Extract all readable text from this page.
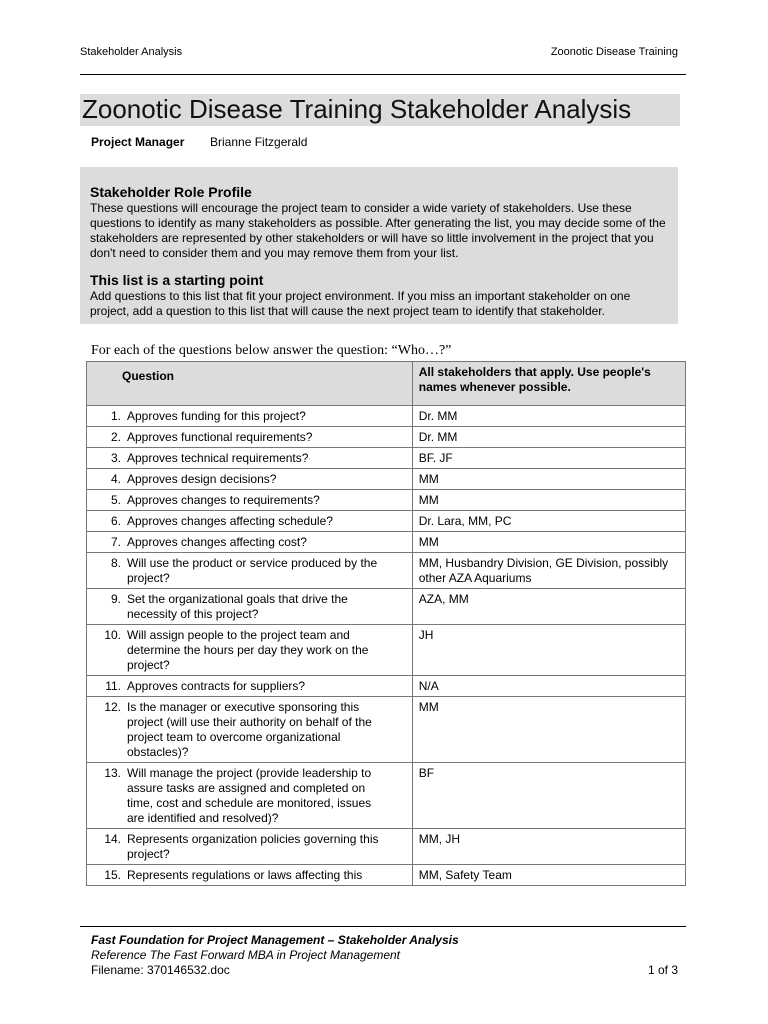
Stakeholder Analysis	Zoonotic Disease Training
Zoonotic Disease Training Stakeholder Analysis
Project Manager Brianne Fitzgerald
Stakeholder Role Profile

These questions will encourage the project team to consider a wide variety of stakeholders. Use these questions to identify as many stakeholders as possible. After generating the list, you may decide some of the stakeholders are represented by other stakeholders or will have so little involvement in the project that you don't need to consider them and you may remove them from your list.

This list is a starting point

Add questions to this list that fit your project environment. If you miss an important stakeholder on one project, add a question to this list that will cause the next project team to identify that stakeholder.

For each of the questions below answer the question: “Who…?”
Question	All stakeholders that apply. Use people's names whenever possible.
1. Approves funding for this project?	Dr. MM
2. Approves functional requirements?	Dr. MM
3. Approves technical requirements?	BF. JF
4. Approves design decisions?	MM
5. Approves changes to requirements?	MM
6. Approves changes affecting schedule?	Dr. Lara, MM, PC
7. Approves changes affecting cost?	MM
8. Will use the product or service produced by the project?	MM, Husbandry Division, GE Division, possibly other AZA Aquariums
9. Set the organizational goals that drive the necessity of this project?	AZA, MM
10. Will assign people to the project team and determine the hours per day they work on the project?	JH
11. Approves contracts for suppliers?	N/A
12. Is the manager or executive sponsoring this project (will use their authority on behalf of the project team to overcome organizational obstacles)?	MM
13. Will manage the project (provide leadership to assure tasks are assigned and completed on time, cost and schedule are monitored, issues are identified and resolved)?	BF
14. Represents organization policies governing this project?	MM, JH
15. Represents regulations or laws affecting this	MM, Safety Team
Fast Foundation for Project Management – Stakeholder Analysis
Reference The Fast Forward MBA in Project Management
Filename: 370146532.doc	1 of 3
